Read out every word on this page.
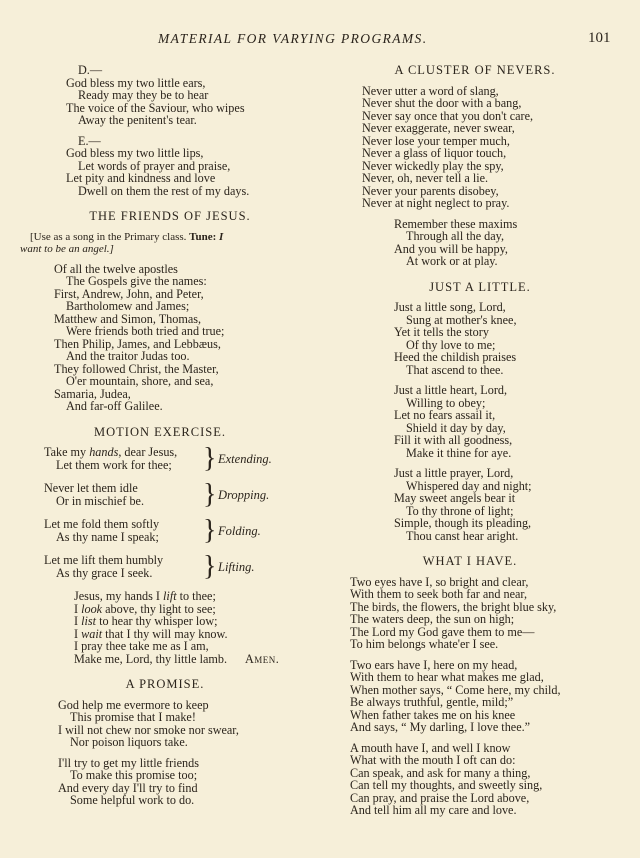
MATERIAL FOR VARYING PROGRAMS.	101
D.—
God bless my two little ears,
Ready may they be to hear
The voice of the Saviour, who wipes
Away the penitent's tear.
E.—
God bless my two little lips,
Let words of prayer and praise,
Let pity and kindness and love
Dwell on them the rest of my days.
THE FRIENDS OF JESUS.
[Use as a song in the Primary class. Tune: I
want to be an angel.]
Of all the twelve apostles
The Gospels give the names:
First, Andrew, John, and Peter,
Bartholomew and James;
Matthew and Simon, Thomas,
Were friends both tried and true;
Then Philip, James, and Lebbæus,
And the traitor Judas too.
They followed Christ, the Master,
O'er mountain, shore, and sea,
Samaria, Judea,
And far-off Galilee.
MOTION EXERCISE.
Take my hands, dear Jesus,
Let them work for thee; } Extending.
Never let them idle
Or in mischief be. } Dropping.
Let me fold them softly
As thy name I speak; } Folding.
Let me lift them humbly
As thy grace I seek.	} Lifting.
Jesus, my hands I lift to thee;
I look above, thy light to see;
I list to hear thy whisper low;
I wait that I thy will may know.
I pray thee take me as I am,
Make me, Lord, thy little lamb. Amen.
A PROMISE.
God help me evermore to keep
This promise that I make!
I will not chew nor smoke nor swear,
Nor poison liquors take.
I'll try to get my little friends
To make this promise too;
And every day I'll try to find
Some helpful work to do.
A CLUSTER OF NEVERS.
Never utter a word of slang,
Never shut the door with a bang,
Never say once that you don't care,
Never exaggerate, never swear,
Never lose your temper much,
Never a glass of liquor touch,
Never wickedly play the spy,
Never, oh, never tell a lie.
Never your parents disobey,
Never at night neglect to pray.
Remember these maxims
Through all the day,
And you will be happy,
At work or at play.
JUST A LITTLE.
Just a little song, Lord,
Sung at mother's knee,
Yet it tells the story
Of thy love to me;
Heed the childish praises
That ascend to thee.
Just a little heart, Lord,
Willing to obey;
Let no fears assail it,
Shield it day by day,
Fill it with all goodness,
Make it thine for aye.
Just a little prayer, Lord,
Whispered day and night;
May sweet angels bear it
To thy throne of light;
Simple, though its pleading,
Thou canst hear aright.
WHAT I HAVE.
Two eyes have I, so bright and clear,
With them to seek both far and near,
The birds, the flowers, the bright blue sky,
The waters deep, the sun on high;
The Lord my God gave them to me—
To him belongs whate'er I see.
Two ears have I, here on my head,
With them to hear what makes me glad,
When mother says, “ Come here, my child,
Be always truthful, gentle, mild;”
When father takes me on his knee
And says, “ My darling, I love thee.”
A mouth have I, and well I know
What with the mouth I oft can do:
Can speak, and ask for many a thing,
Can tell my thoughts, and sweetly sing,
Can pray, and praise the Lord above,
And tell him all my care and love.
